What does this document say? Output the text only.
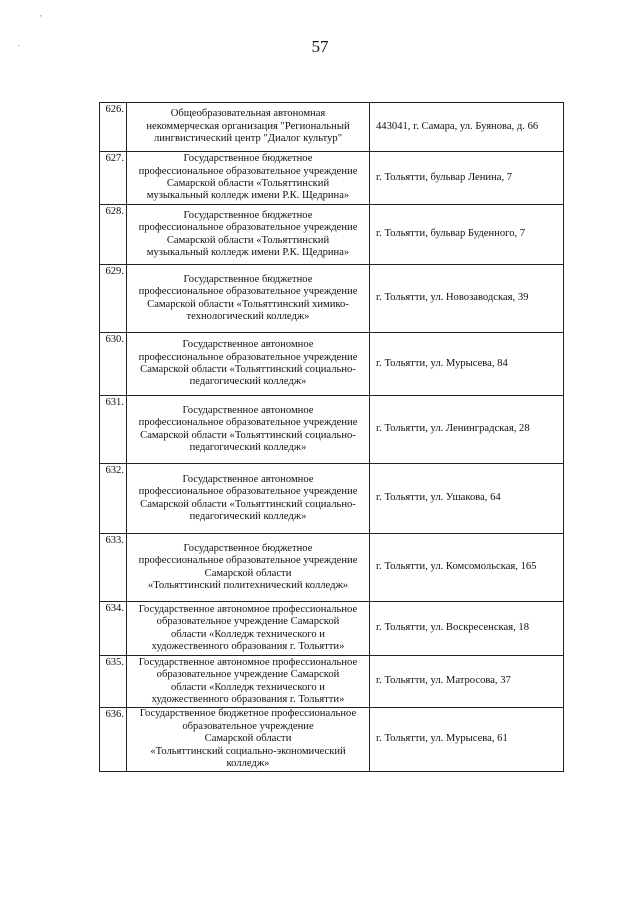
,
.	57
626.	Общеобразовательная автономная
некоммерческая организация "Региональный
лингвистический центр "Диалог культур"	443041, г. Самара, ул. Буянова, д. 66
627.	Государственное бюджетное
профессиональное образовательное учреждение
Самарской области «Тольяттинский
музыкальный колледж имени Р.К. Щедрина»	г. Тольятти, бульвар Ленина, 7
628.	Государственное бюджетное
профессиональное образовательное учреждение
Самарской области «Тольяттинский
музыкальный колледж имени Р.К. Щедрина»	г. Тольятти, бульвар Буденного, 7
629.	Государственное бюджетное
профессиональное образовательное учреждение
Самарской области «Тольяттинский химико-
технологический колледж»	г. Тольятти, ул. Новозаводская, 39
630.	Государственное автономное
профессиональное образовательное учреждение
Самарской области «Тольяттинский социально-
педагогический колледж»	г. Тольятти, ул. Мурысева, 84
631.	Государственное автономное
профессиональное образовательное учреждение
Самарской области «Тольяттинский социально-
педагогический колледж»	г. Тольятти, ул. Ленинградская, 28
632.	Государственное автономное
профессиональное образовательное учреждение
Самарской области «Тольяттинский социально-
педагогический колледж»	г. Тольятти, ул. Ушакова, 64
633.	Государственное бюджетное
профессиональное образовательное учреждение
Самарской области
«Тольяттинский политехнический колледж»	г. Тольятти, ул. Комсомольская, 165
634.	Государственное автономное профессиональное
образовательное учреждение Самарской
области «Колледж технического и
художественного образования г. Тольятти»	г. Тольятти, ул. Воскресенская, 18
635.	Государственное автономное профессиональное
образовательное учреждение Самарской
области «Колледж технического и
художественного образования г. Тольятти»	г. Тольятти, ул. Матросова, 37
636.	Государственное бюджетное профессиональное
образовательное учреждение
Самарской области
«Тольяттинский социально-экономический
колледж»	г. Тольятти, ул. Мурысева, 61
